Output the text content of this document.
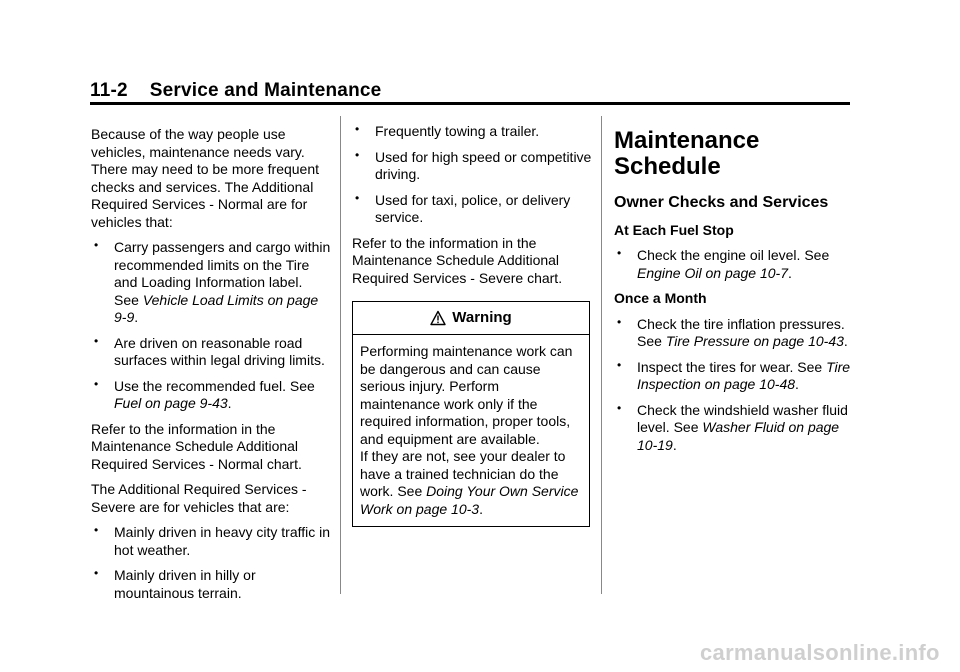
11-2 Service and Maintenance

Because of the way people use vehicles, maintenance needs vary. There may need to be more frequent checks and services. The Additional Required Services - Normal are for vehicles that:

• Carry passengers and cargo within recommended limits on the Tire and Loading Information label. See Vehicle Load Limits on page 9-9.
• Are driven on reasonable road surfaces within legal driving limits.
• Use the recommended fuel. See Fuel on page 9-43.

Refer to the information in the Maintenance Schedule Additional Required Services - Normal chart.

The Additional Required Services - Severe are for vehicles that are:

• Mainly driven in heavy city traffic in hot weather.
• Mainly driven in hilly or mountainous terrain.
• Frequently towing a trailer.
• Used for high speed or competitive driving.
• Used for taxi, police, or delivery service.

Refer to the information in the Maintenance Schedule Additional Required Services - Severe chart.

Warning

Performing maintenance work can be dangerous and can cause serious injury. Perform maintenance work only if the required information, proper tools, and equipment are available.

If they are not, see your dealer to have a trained technician do the work. See Doing Your Own Service Work on page 10-3.

Maintenance Schedule
Owner Checks and Services
At Each Fuel Stop
• Check the engine oil level. See Engine Oil on page 10-7.
Once a Month
• Check the tire inflation pressures. See Tire Pressure on page 10-43.
• Inspect the tires for wear. See Tire Inspection on page 10-48.
• Check the windshield washer fluid level. See Washer Fluid on page 10-19.
carmanualsonline.info
